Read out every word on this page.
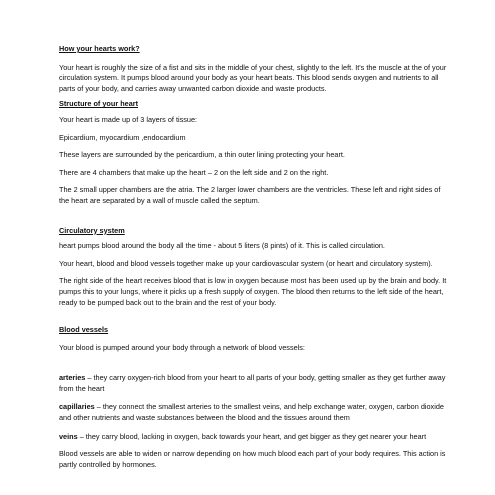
How your hearts work?

Your heart is roughly the size of a fist and sits in the middle of your chest, slightly to the left. It's the muscle at the of your circulation system. It pumps blood around your body as your heart beats. This blood sends oxygen and nutrients to all parts of your body, and carries away unwanted carbon dioxide and waste products.

Structure of your heart

Your heart is made up of 3 layers of tissue:

Epicardium, myocardium ,endocardium

These layers are surrounded by the pericardium, a thin outer lining protecting your heart.

There are 4 chambers that make up the heart – 2 on the left side and 2 on the right.

The 2 small upper chambers are the atria. The 2 larger lower chambers are the ventricles. These left and right sides of the heart are separated by a wall of muscle called the septum.

Circulatory system

heart pumps blood around the body all the time - about 5 liters (8 pints) of it. This is called circulation.

Your heart, blood and blood vessels together make up your cardiovascular system (or heart and circulatory system).

The right side of the heart receives blood that is low in oxygen because most has been used up by the brain and body. It pumps this to your lungs, where it picks up a fresh supply of oxygen. The blood then returns to the left side of the heart, ready to be pumped back out to the brain and the rest of your body.

Blood vessels

Your blood is pumped around your body through a network of blood vessels:

arteries – they carry oxygen-rich blood from your heart to all parts of your body, getting smaller as they get further away from the heart

capillaries – they connect the smallest arteries to the smallest veins, and help exchange water, oxygen, carbon dioxide and other nutrients and waste substances between the blood and the tissues around them

veins – they carry blood, lacking in oxygen, back towards your heart, and get bigger as they get nearer your heart

Blood vessels are able to widen or narrow depending on how much blood each part of your body requires. This action is partly controlled by hormones.
